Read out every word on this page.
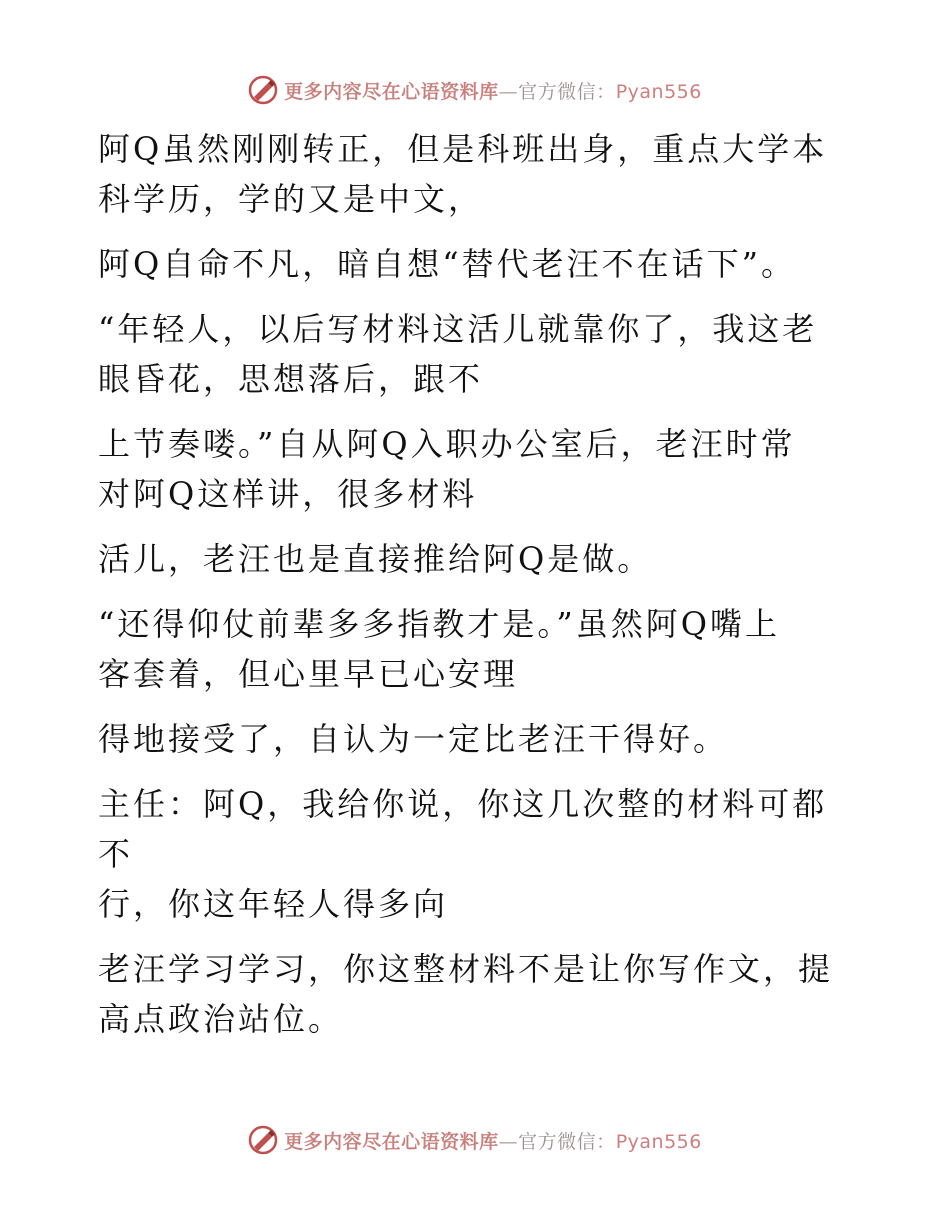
更多内容尽在心语资料库—官方微信：Pyan556

阿Q虽然刚刚转正，但是科班出身，重点大学本
科学历，学的又是中文，

阿Q自命不凡，暗自想“替代老汪不在话下”。

“年轻人，以后写材料这活儿就靠你了，我这老
眼昏花，思想落后，跟不

上节奏喽。”自从阿Q入职办公室后，老汪时常
对阿Q这样讲，很多材料

活儿，老汪也是直接推给阿Q是做。

“还得仰仗前辈多多指教才是。”虽然阿Q嘴上
客套着，但心里早已心安理

得地接受了，自认为一定比老汪干得好。

主任：阿Q，我给你说，你这几次整的材料可都不
行，你这年轻人得多向

老汪学习学习，你这整材料不是让你写作文，提
高点政治站位。

更多内容尽在心语资料库—官方微信：Pyan556
